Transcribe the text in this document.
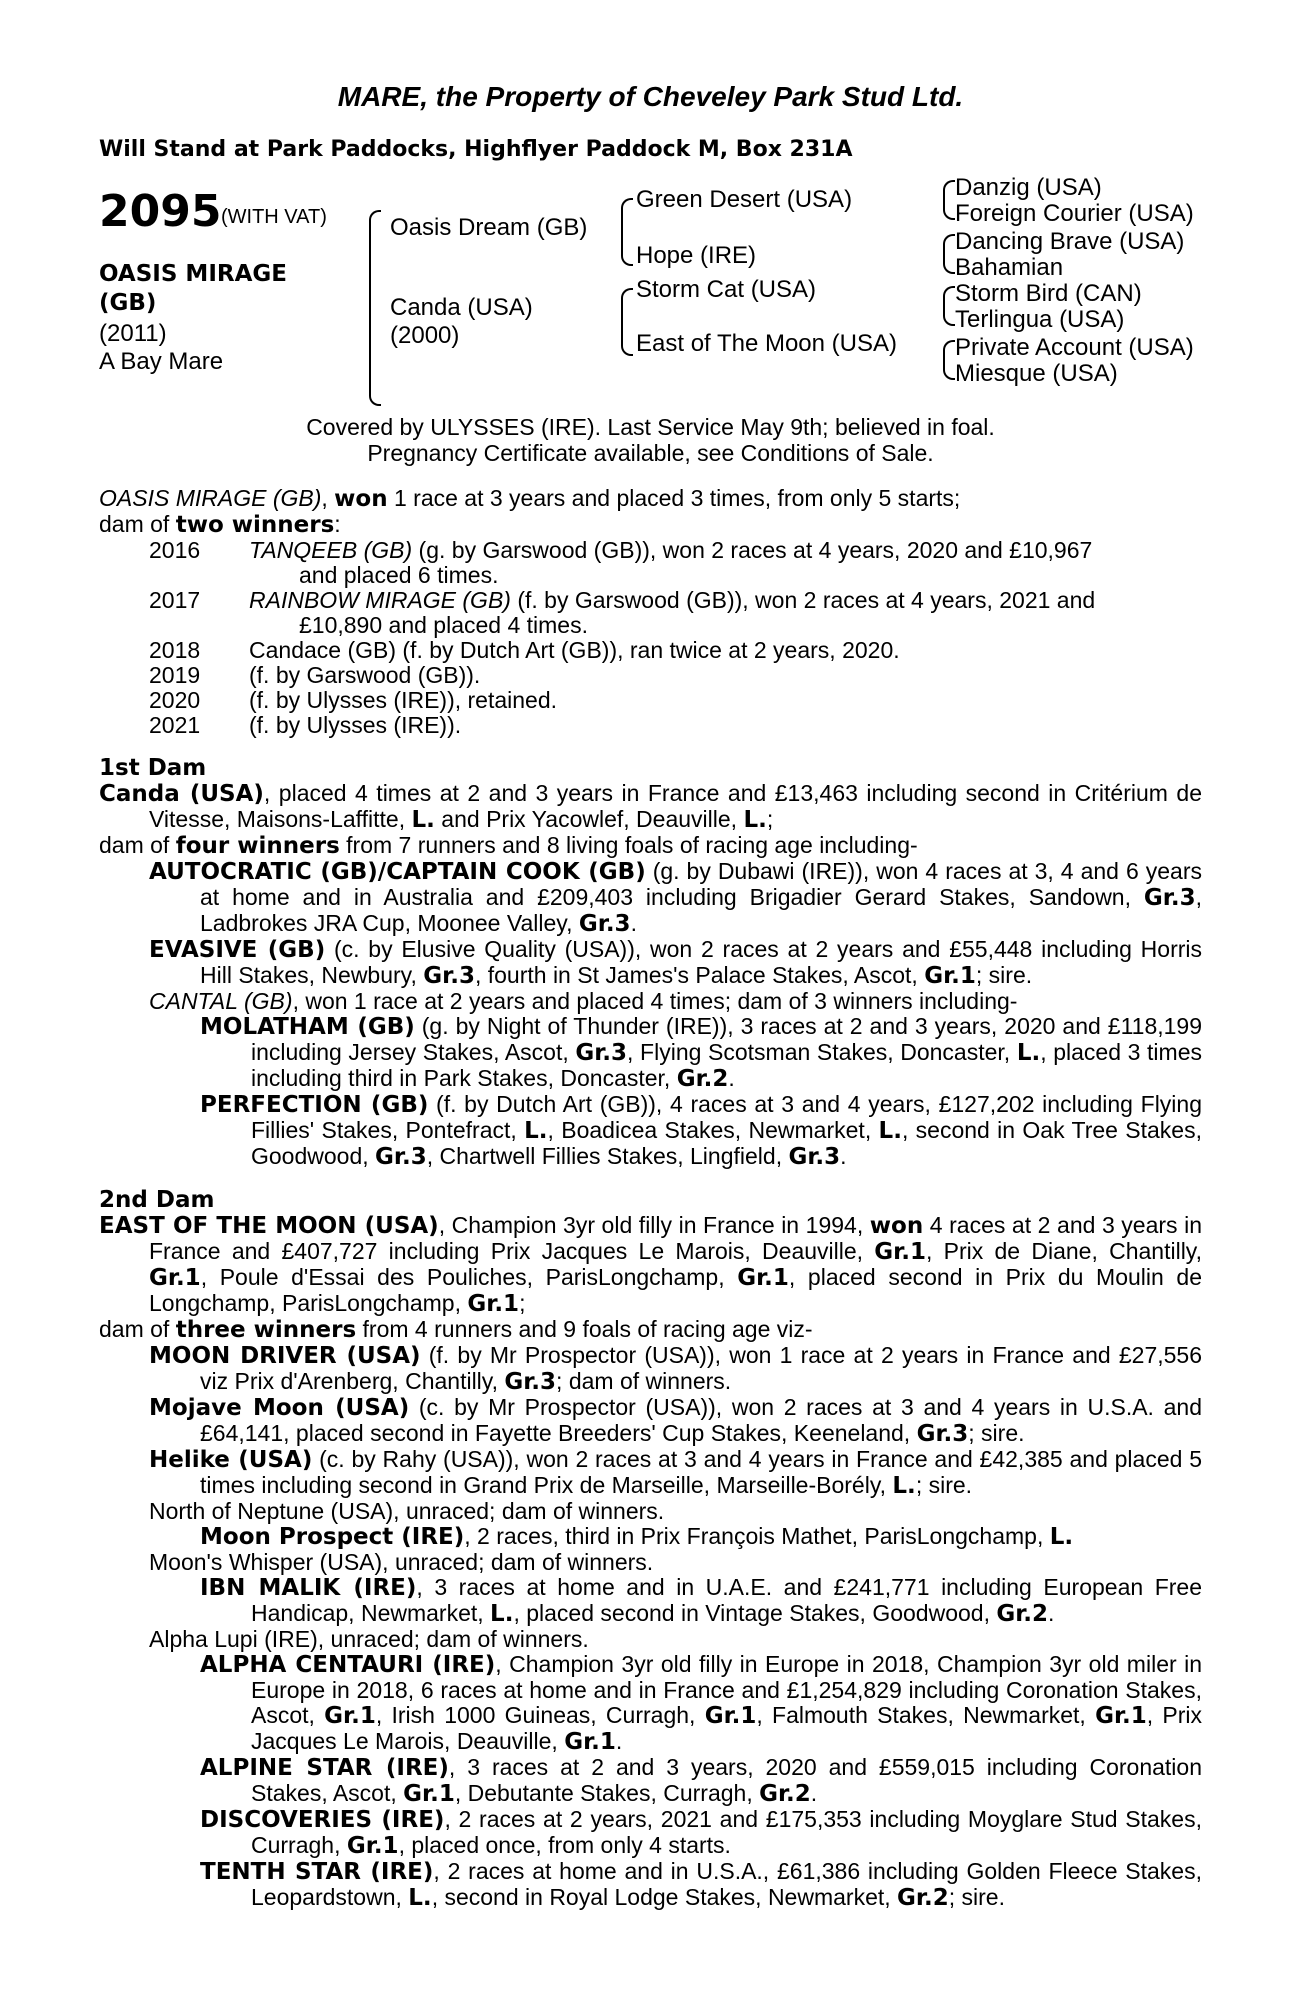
MARE, the Property of Cheveley Park Stud Ltd.
Will Stand at Park Paddocks, Highflyer Paddock M, Box 231A
2095 (WITH VAT)
OASIS MIRAGE (GB)
(2011)
A Bay Mare
Oasis Dream (GB)
Canda (USA)
(2000)
Green Desert (USA)
Hope (IRE)
Storm Cat (USA)
East of The Moon (USA)
Danzig (USA)
Foreign Courier (USA)
Dancing Brave (USA)
Bahamian
Storm Bird (CAN)
Terlingua (USA)
Private Account (USA)
Miesque (USA)
Covered by ULYSSES (IRE). Last Service May 9th; believed in foal.
Pregnancy Certificate available, see Conditions of Sale.

OASIS MIRAGE (GB), won 1 race at 3 years and placed 3 times, from only 5 starts;

dam of two winners:

2016	TANQEEB (GB) (g. by Garswood (GB)), won 2 races at 4 years, 2020 and £10,967
and placed 6 times.
2017	RAINBOW MIRAGE (GB) (f. by Garswood (GB)), won 2 races at 4 years, 2021 and
£10,890 and placed 4 times.
2018	Candace (GB) (f. by Dutch Art (GB)), ran twice at 2 years, 2020.
2019	(f. by Garswood (GB)).
2020	(f. by Ulysses (IRE)), retained.
2021	(f. by Ulysses (IRE)).
1st Dam

Canda (USA), placed 4 times at 2 and 3 years in France and £13,463 including second in Critérium de Vitesse, Maisons-Laffitte, L. and Prix Yacowlef, Deauville, L.;

dam of four winners from 7 runners and 8 living foals of racing age including-

AUTOCRATIC (GB)/CAPTAIN COOK (GB) (g. by Dubawi (IRE)), won 4 races at 3, 4 and 6 years at home and in Australia and £209,403 including Brigadier Gerard Stakes, Sandown, Gr.3, Ladbrokes JRA Cup, Moonee Valley, Gr.3.

EVASIVE (GB) (c. by Elusive Quality (USA)), won 2 races at 2 years and £55,448 including Horris Hill Stakes, Newbury, Gr.3, fourth in St James's Palace Stakes, Ascot, Gr.1; sire.

CANTAL (GB), won 1 race at 2 years and placed 4 times; dam of 3 winners including-

MOLATHAM (GB) (g. by Night of Thunder (IRE)), 3 races at 2 and 3 years, 2020 and £118,199 including Jersey Stakes, Ascot, Gr.3, Flying Scotsman Stakes, Doncaster, L., placed 3 times including third in Park Stakes, Doncaster, Gr.2.

PERFECTION (GB) (f. by Dutch Art (GB)), 4 races at 3 and 4 years, £127,202 including Flying Fillies' Stakes, Pontefract, L., Boadicea Stakes, Newmarket, L., second in Oak Tree Stakes, Goodwood, Gr.3, Chartwell Fillies Stakes, Lingfield, Gr.3.

2nd Dam

EAST OF THE MOON (USA), Champion 3yr old filly in France in 1994, won 4 races at 2 and 3 years in France and £407,727 including Prix Jacques Le Marois, Deauville, Gr.1, Prix de Diane, Chantilly, Gr.1, Poule d'Essai des Pouliches, ParisLongchamp, Gr.1, placed second in Prix du Moulin de Longchamp, ParisLongchamp, Gr.1;

dam of three winners from 4 runners and 9 foals of racing age viz-

MOON DRIVER (USA) (f. by Mr Prospector (USA)), won 1 race at 2 years in France and £27,556 viz Prix d'Arenberg, Chantilly, Gr.3; dam of winners.

Mojave Moon (USA) (c. by Mr Prospector (USA)), won 2 races at 3 and 4 years in U.S.A. and £64,141, placed second in Fayette Breeders' Cup Stakes, Keeneland, Gr.3; sire.

Helike (USA) (c. by Rahy (USA)), won 2 races at 3 and 4 years in France and £42,385 and placed 5 times including second in Grand Prix de Marseille, Marseille-Borély, L.; sire.

North of Neptune (USA), unraced; dam of winners.

Moon Prospect (IRE), 2 races, third in Prix François Mathet, ParisLongchamp, L.

Moon's Whisper (USA), unraced; dam of winners.

IBN MALIK (IRE), 3 races at home and in U.A.E. and £241,771 including European Free Handicap, Newmarket, L., placed second in Vintage Stakes, Goodwood, Gr.2.

Alpha Lupi (IRE), unraced; dam of winners.

ALPHA CENTAURI (IRE), Champion 3yr old filly in Europe in 2018, Champion 3yr old miler in Europe in 2018, 6 races at home and in France and £1,254,829 including Coronation Stakes, Ascot, Gr.1, Irish 1000 Guineas, Curragh, Gr.1, Falmouth Stakes, Newmarket, Gr.1, Prix Jacques Le Marois, Deauville, Gr.1.

ALPINE STAR (IRE), 3 races at 2 and 3 years, 2020 and £559,015 including Coronation Stakes, Ascot, Gr.1, Debutante Stakes, Curragh, Gr.2.

DISCOVERIES (IRE), 2 races at 2 years, 2021 and £175,353 including Moyglare Stud Stakes, Curragh, Gr.1, placed once, from only 4 starts.

TENTH STAR (IRE), 2 races at home and in U.S.A., £61,386 including Golden Fleece Stakes, Leopardstown, L., second in Royal Lodge Stakes, Newmarket, Gr.2; sire.
